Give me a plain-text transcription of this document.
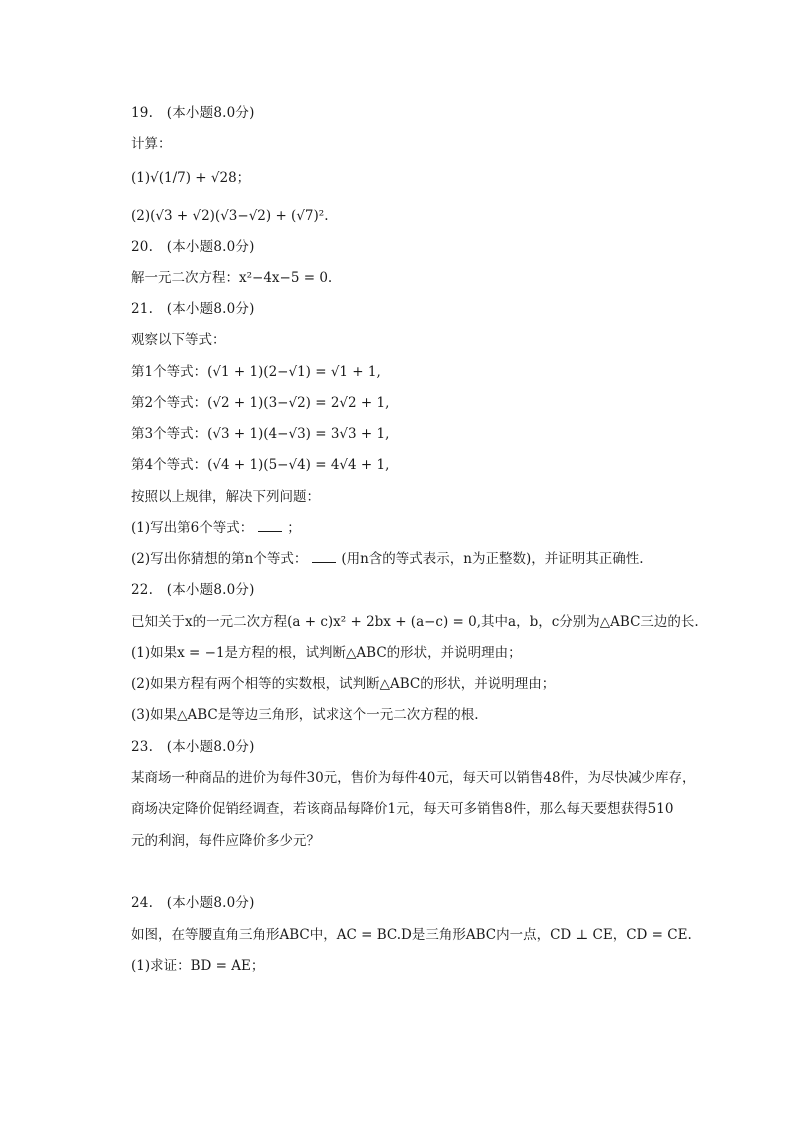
19.　(本小题8.0分)
计算：
(1)√(1/7) + √28；
(2)(√3 + √2)(√3−√2) + (√7)².
20.　(本小题8.0分)
解一元二次方程：x²−4x−5 = 0.
21.　(本小题8.0分)
观察以下等式：
第1个等式：(√1 + 1)(2−√1) = √1 + 1,
第2个等式：(√2 + 1)(3−√2) = 2√2 + 1,
第3个等式：(√3 + 1)(4−√3) = 3√3 + 1,
第4个等式：(√4 + 1)(5−√4) = 4√4 + 1,
按照以上规律，解决下列问题：
(1)写出第6个等式：	；
(2)写出你猜想的第n个等式：	(用n含的等式表示，n为正整数)，并证明其正确性.
22.　(本小题8.0分)
已知关于x的一元二次方程(a + c)x² + 2bx + (a−c) = 0,其中a，b，c分别为△ABC三边的长.
(1)如果x = −1是方程的根，试判断△ABC的形状，并说明理由；
(2)如果方程有两个相等的实数根，试判断△ABC的形状，并说明理由；
(3)如果△ABC是等边三角形，试求这个一元二次方程的根.
23.　(本小题8.0分)
某商场一种商品的进价为每件30元，售价为每件40元，每天可以销售48件，为尽快减少库存，
商场决定降价促销经调查，若该商品每降价1元，每天可多销售8件，那么每天要想获得510
元的利润，每件应降价多少元？
24.　(本小题8.0分)
如图，在等腰直角三角形ABC中，AC = BC.D是三角形ABC内一点，CD ⊥ CE，CD = CE.
(1)求证：BD = AE；
